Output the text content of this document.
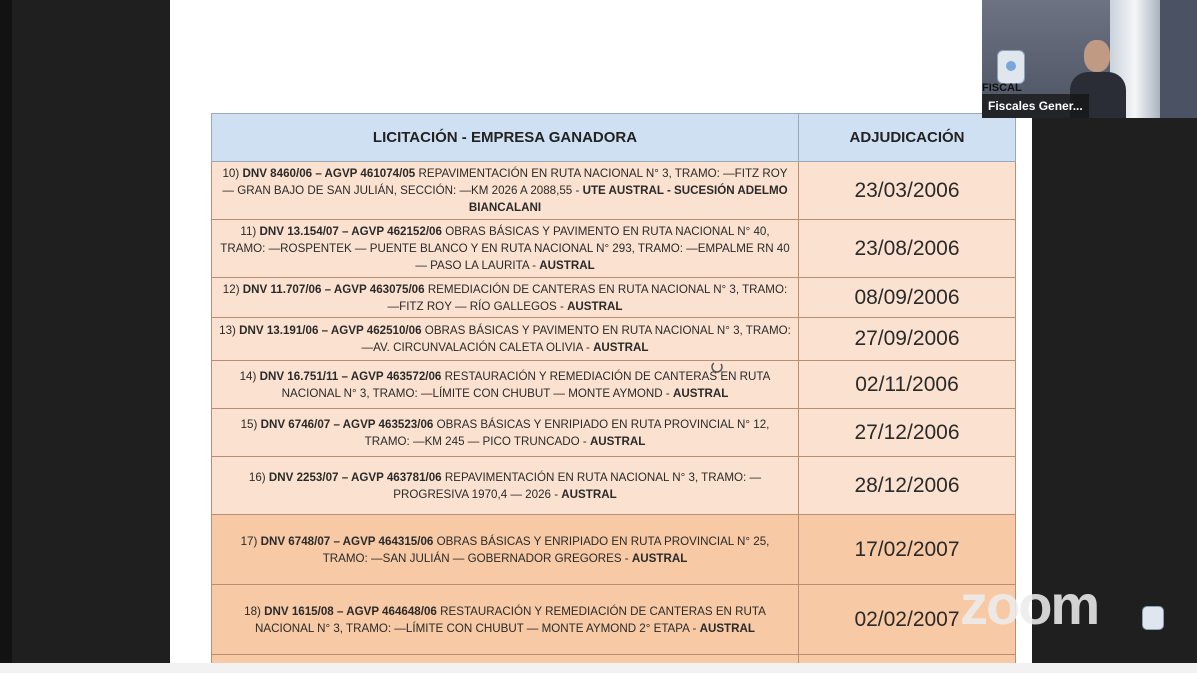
LICITACIÓN - EMPRESA GANADORA	ADJUDICACIÓN
10) DNV 8460/06 – AGVP 461074/05 REPAVIMENTACIÓN EN RUTA NACIONAL N° 3, TRAMO: —FITZ ROY — GRAN BAJO DE SAN JULIÁN, SECCIÓN: —KM 2026 A 2088,55 - UTE AUSTRAL - SUCESIÓN ADELMO BIANCALANI	23/03/2006
11) DNV 13.154/07 – AGVP 462152/06 OBRAS BÁSICAS Y PAVIMENTO EN RUTA NACIONAL N° 40, TRAMO: —ROSPENTEK — PUENTE BLANCO Y EN RUTA NACIONAL N° 293, TRAMO: —EMPALME RN 40 — PASO LA LAURITA - AUSTRAL	23/08/2006
12) DNV 11.707/06 – AGVP 463075/06 REMEDIACIÓN DE CANTERAS EN RUTA NACIONAL N° 3, TRAMO: —FITZ ROY — RÍO GALLEGOS - AUSTRAL	08/09/2006
13) DNV 13.191/06 – AGVP 462510/06 OBRAS BÁSICAS Y PAVIMENTO EN RUTA NACIONAL N° 3, TRAMO: —AV. CIRCUNVALACIÓN CALETA OLIVIA - AUSTRAL	27/09/2006
14) DNV 16.751/11 – AGVP 463572/06 RESTAURACIÓN Y REMEDIACIÓN DE CANTERAS EN RUTA NACIONAL N° 3, TRAMO: —LÍMITE CON CHUBUT — MONTE AYMOND - AUSTRAL	02/11/2006
15) DNV 6746/07 – AGVP 463523/06 OBRAS BÁSICAS Y ENRIPIADO EN RUTA PROVINCIAL N° 12, TRAMO: —KM 245 — PICO TRUNCADO - AUSTRAL	27/12/2006
16) DNV 2253/07 – AGVP 463781/06 REPAVIMENTACIÓN EN RUTA NACIONAL N° 3, TRAMO: —PROGRESIVA 1970,4 — 2026 - AUSTRAL	28/12/2006
17) DNV 6748/07 – AGVP 464315/06 OBRAS BÁSICAS Y ENRIPIADO EN RUTA PROVINCIAL N° 25, TRAMO: —SAN JULIÁN — GOBERNADOR GREGORES - AUSTRAL	17/02/2007
18) DNV 1615/08 – AGVP 464648/06 RESTAURACIÓN Y REMEDIACIÓN DE CANTERAS EN RUTA NACIONAL N° 3, TRAMO: —LÍMITE CON CHUBUT — MONTE AYMOND 2° ETAPA - AUSTRAL	02/02/2007

FISCAL
Fiscales Gener...
zoom
